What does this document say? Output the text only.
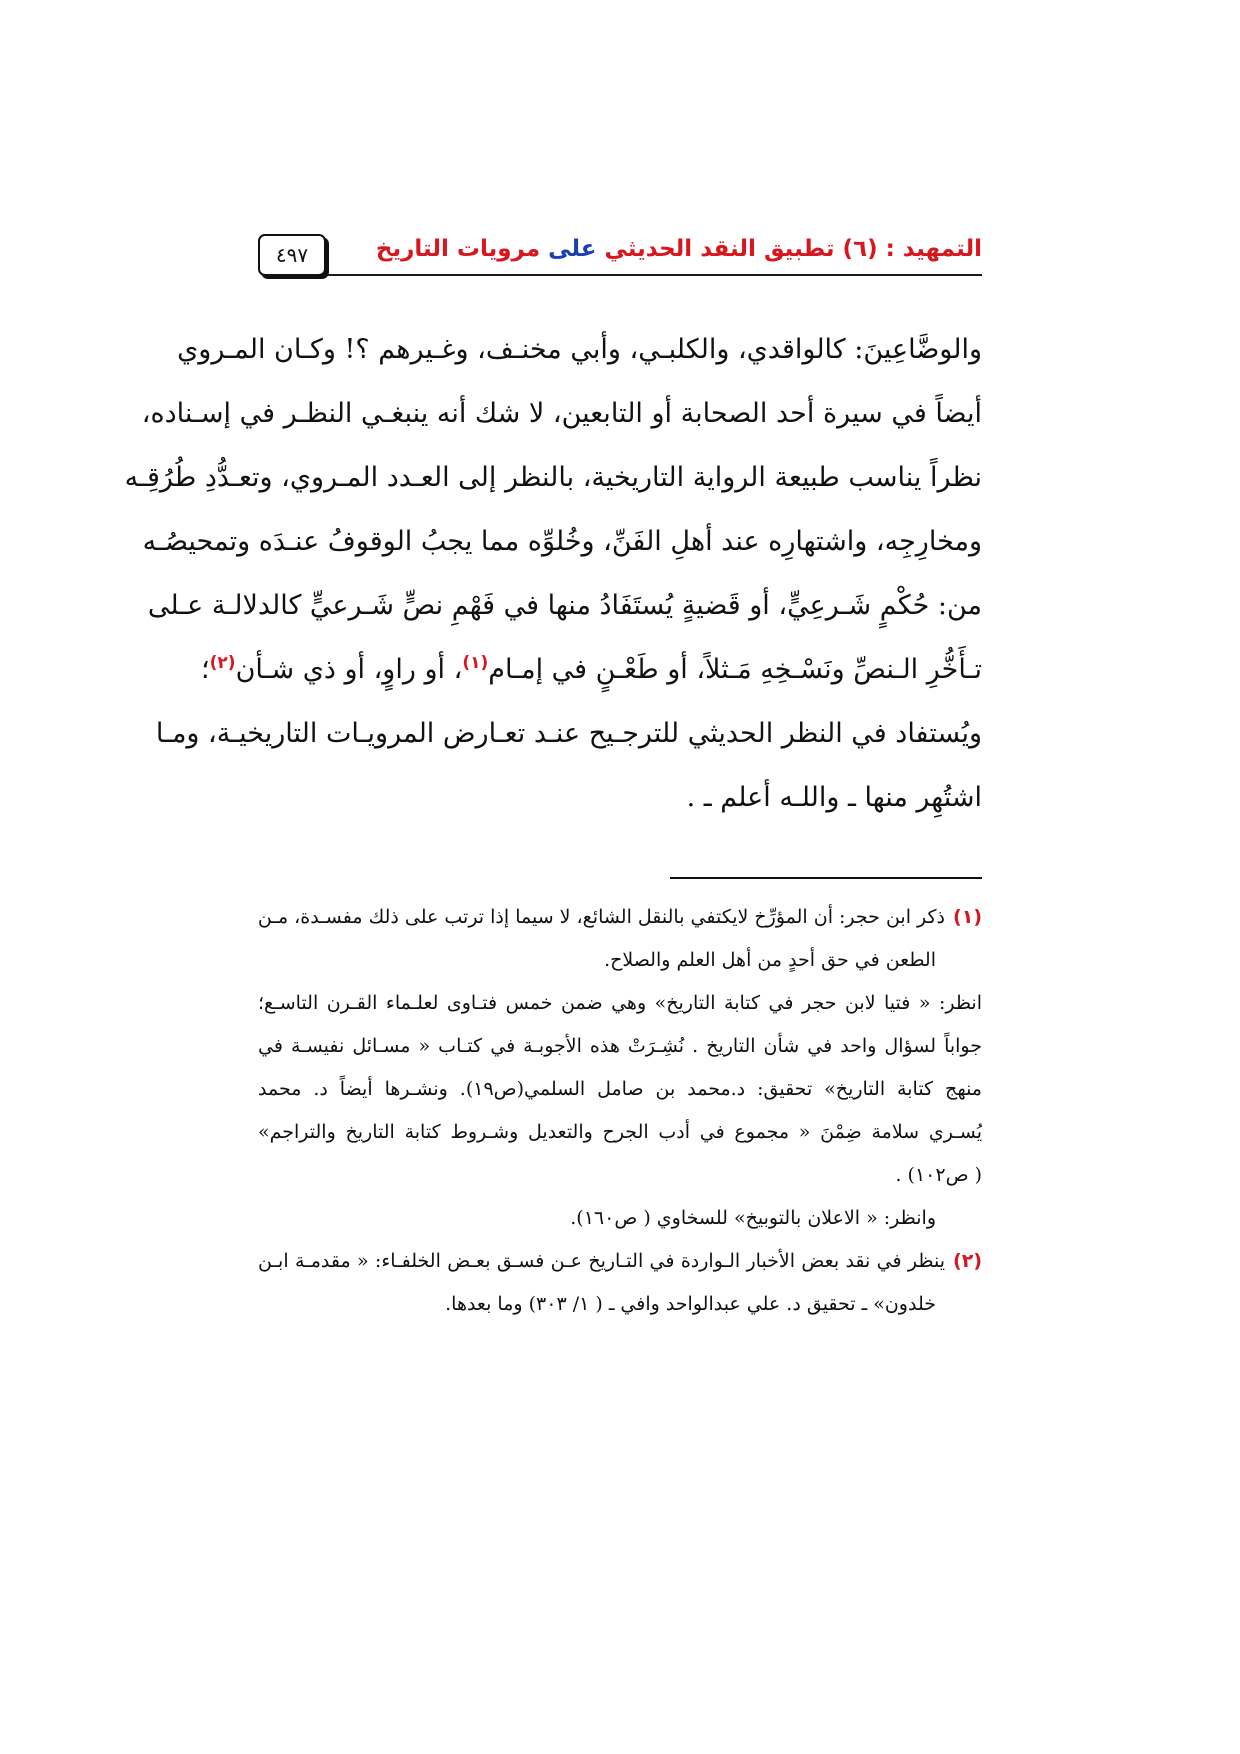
التمهيد : (٦) تطبيق النقد الحديثي على مرويات التاريخ
٤٩٧
والوضَّاعِينَ: كالواقدي، والكلبـي، وأبي مخنـف، وغـيرهم ؟! وكـان المـروي
أيضاً في سيرة أحد الصحابة أو التابعين، لا شك أنه ينبغـي النظـر في إسـناده،
نظراً يناسب طبيعة الرواية التاريخية، بالنظر إلى العـدد المـروي، وتعـدُّدِ طُرُقِـه
ومخارِجِه، واشتهارِه عند أهلِ الفَنِّ، وخُلوِّه مما يجبُ الوقوفُ عنـدَه وتمحيصُـه
من: حُكْمٍ شَـرعِيٍّ، أو قَضيةٍ يُستَفَادُ منها في فَهْمِ نصٍّ شَـرعيٍّ كالدلالـة عـلى
تـأَخُّرِ الـنصِّ ونَسْـخِهِ مَـثلاً، أو طَعْـنٍ في إمـام$^{(١)}$، أو راوٍ، أو ذي شـأن$^{(٢)}$؛
ويُستفاد في النظر الحديثي للترجـيح عنـد تعـارض المرويـات التاريخيـة، ومـا
اشتُهِر منها ـ واللـه أعلم ـ .
(١)ذكر ابن حجر: أن المؤرِّخ لايكتفي بالنقل الشائع، لا سيما إذا ترتب على ذلك مفسـدة، مـن
الطعن في حق أحدٍ من أهل العلم والصلاح.
انظر: « فتيا لابن حجر في كتابة التاريخ» وهي ضمن خمس فتـاوى لعلـماء القـرن التاسـع؛
جواباً لسؤال واحد في شأن التاريخ . نُشِـرَتْ هذه الأجوبـة في كتـاب « مسـائل نفيسـة في
منهج كتابة التاريخ» تحقيق: د.محمد بن صامل السلمي(ص١٩). ونشـرها أيضاً د. محمد
يُسـري سلامة ضِمْنَ « مجموع في أدب الجرح والتعديل وشـروط كتابة التاريخ والتراجم»
( ص١٠٢) .
وانظر: « الاعلان بالتوبيخ» للسخاوي ( ص١٦٠).
(٢)ينظر في نقد بعض الأخبار الـواردة في التـاريخ عـن فسـق بعـض الخلفـاء: « مقدمـة ابـن
خلدون» ـ تحقيق د. علي عبدالواحد وافي ـ ( ١/ ٣٠٣) وما بعدها.
